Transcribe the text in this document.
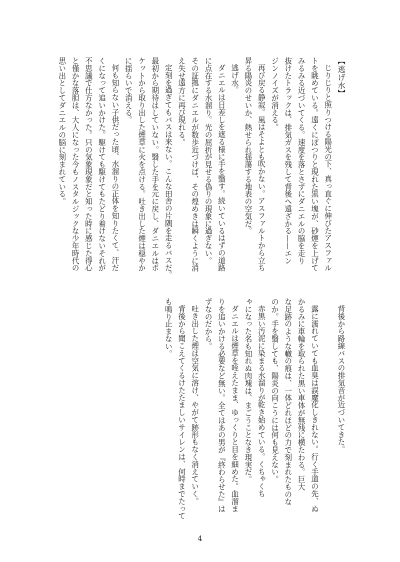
【逃げ水】
じりじりと照りつける陽光の下、真っ直ぐに伸びたアスファル
トを眺めている。遠くにぽつりと現れた黒い塊が、砂煙を上げて
みるみる近づいてくる。速度を落とさずにダニエルの脇を走り
抜けたトラックは、排気ガスを残して背後へ遠ざかる——エン
ジンノイズが消える。
再び戻る静寂。風はそよとも吹かない。アスファルトから立ち
昇る陽炎のせいか、熱せられ揺蕩する地表の空気だ。
逃げ水。
ダニエルは日差しを遮る様に手を翳す。続いているはずの道路
に点在する水溜り。光の屈折が見せる偽りの現象に過ぎない。
その証拠にダニエルが数歩近づけば、その煌めきは瞬くように消
え失せ遠方に再び現れる。
定刻を過ぎてもバスは来ない。こんな田舎の片隅を走るバスだ。
最初から期待はしていない。翳した手を元に戻し、ダニエルはポ
ケットから取り出した煙草に火を点ける。吐き出した煙は穏やか
に揺らいで消える。
何も知らない子供だった頃、水溜りの正体を知りたくて、汗だ
くになって追いかけた。駆けても駆けてもたどり着けないそれが
不思議で仕方なかった。只の気象現象だと知った時に感じた得心
と僅かな落胆は、大人になった今もノスタルジックな少年時代の
思い出としてダニエルの脳に刻まれている。
背後から路線バスの排気音が近づいてきた。
露に濡れていても血臭は誤魔化しきれない。行く手道の先、ぬ
かるみに車輪を取られた黒い車体が無残に横たわる。巨大
な足跡のような轍の痕は、一体どれほどの力で刻まれたものな
のか。手を翳しても、陽炎の向こうには何も見えない。
赤黒い汚泥に染まる水溜りが乾き始めている。くちゃくち
ゃになった名も知れぬ肉塊は、まごうことなき現実だ。
ダニエルは煙草を咥えたまま、ゆっくりと目を細めた。血溜ま
りを追いかける必要など無い。全てはあの男が『終わらせた』は
ずなのだから。
吐き出した煙は空気に溶け、やがて跡形もなく消えていく。
背後から聞こえてくるけたたましいサイレンは、何時までたって
も鳴り止まない。
4
